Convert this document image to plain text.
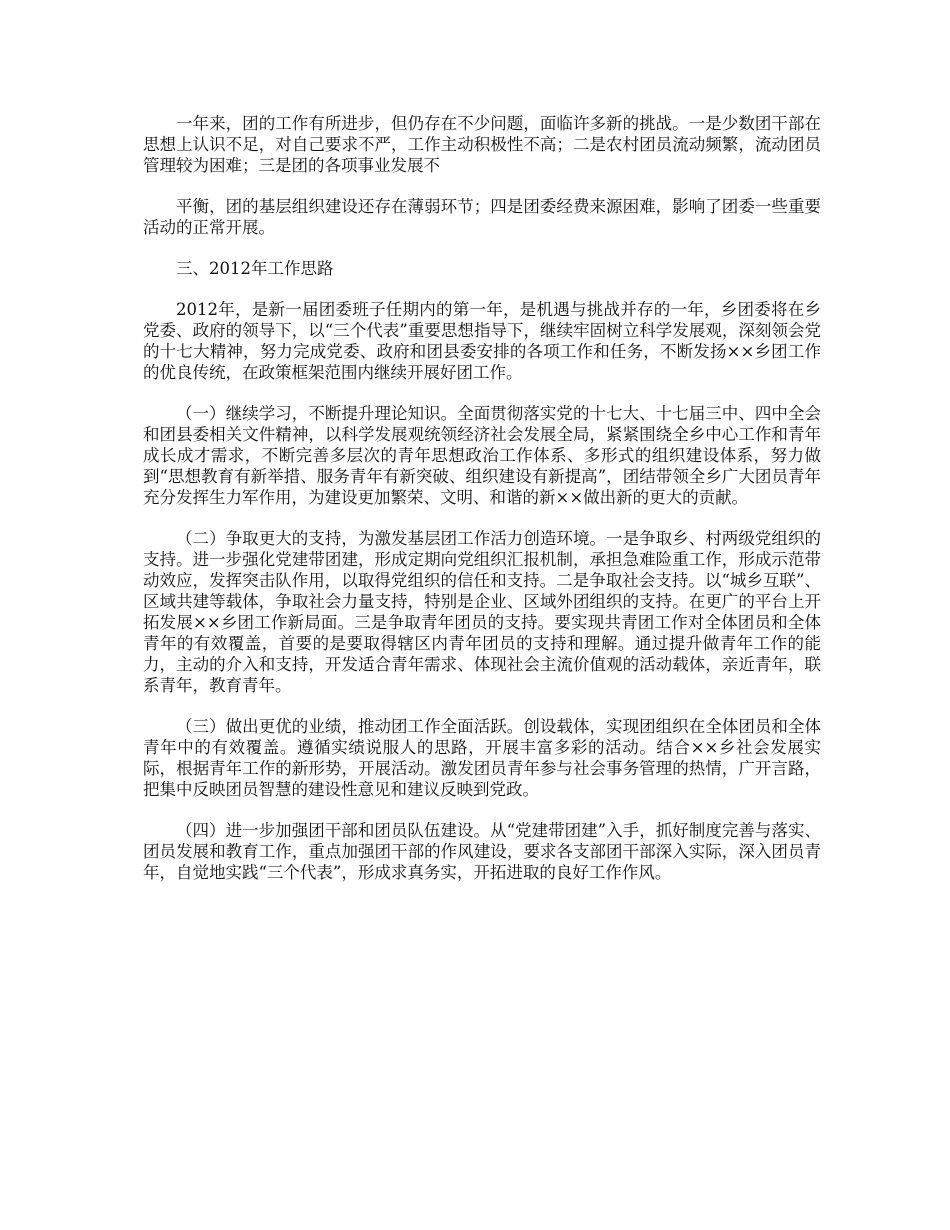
一年来，团的工作有所进步，但仍存在不少问题，面临许多新的挑战。一是少数团干部在思想上认识不足，对自己要求不严，工作主动积极性不高；二是农村团员流动频繁，流动团员管理较为困难；三是团的各项事业发展不

平衡，团的基层组织建设还存在薄弱环节；四是团委经费来源困难，影响了团委一些重要活动的正常开展。

三、2012年工作思路

2012年，是新一届团委班子任期内的第一年，是机遇与挑战并存的一年，乡团委将在乡党委、政府的领导下，以“三个代表”重要思想指导下，继续牢固树立科学发展观，深刻领会党的十七大精神，努力完成党委、政府和团县委安排的各项工作和任务，不断发扬××乡团工作的优良传统，在政策框架范围内继续开展好团工作。

（一）继续学习，不断提升理论知识。全面贯彻落实党的十七大、十七届三中、四中全会和团县委相关文件精神，以科学发展观统领经济社会发展全局，紧紧围绕全乡中心工作和青年成长成才需求，不断完善多层次的青年思想政治工作体系、多形式的组织建设体系，努力做到“思想教育有新举措、服务青年有新突破、组织建设有新提高”，团结带领全乡广大团员青年充分发挥生力军作用，为建设更加繁荣、文明、和谐的新××做出新的更大的贡献。

（二）争取更大的支持，为激发基层团工作活力创造环境。一是争取乡、村两级党组织的支持。进一步强化党建带团建，形成定期向党组织汇报机制，承担急难险重工作，形成示范带动效应，发挥突击队作用，以取得党组织的信任和支持。二是争取社会支持。以“城乡互联”、区域共建等载体，争取社会力量支持，特别是企业、区域外团组织的支持。在更广的平台上开拓发展××乡团工作新局面。三是争取青年团员的支持。要实现共青团工作对全体团员和全体青年的有效覆盖，首要的是要取得辖区内青年团员的支持和理解。通过提升做青年工作的能力，主动的介入和支持，开发适合青年需求、体现社会主流价值观的活动载体，亲近青年，联系青年，教育青年。

（三）做出更优的业绩，推动团工作全面活跃。创设载体，实现团组织在全体团员和全体青年中的有效覆盖。遵循实绩说服人的思路，开展丰富多彩的活动。结合××乡社会发展实际，根据青年工作的新形势，开展活动。激发团员青年参与社会事务管理的热情，广开言路，把集中反映团员智慧的建设性意见和建议反映到党政。

（四）进一步加强团干部和团员队伍建设。从“党建带团建”入手，抓好制度完善与落实、团员发展和教育工作，重点加强团干部的作风建设，要求各支部团干部深入实际，深入团员青年，自觉地实践“三个代表”，形成求真务实，开拓进取的良好工作作风。
